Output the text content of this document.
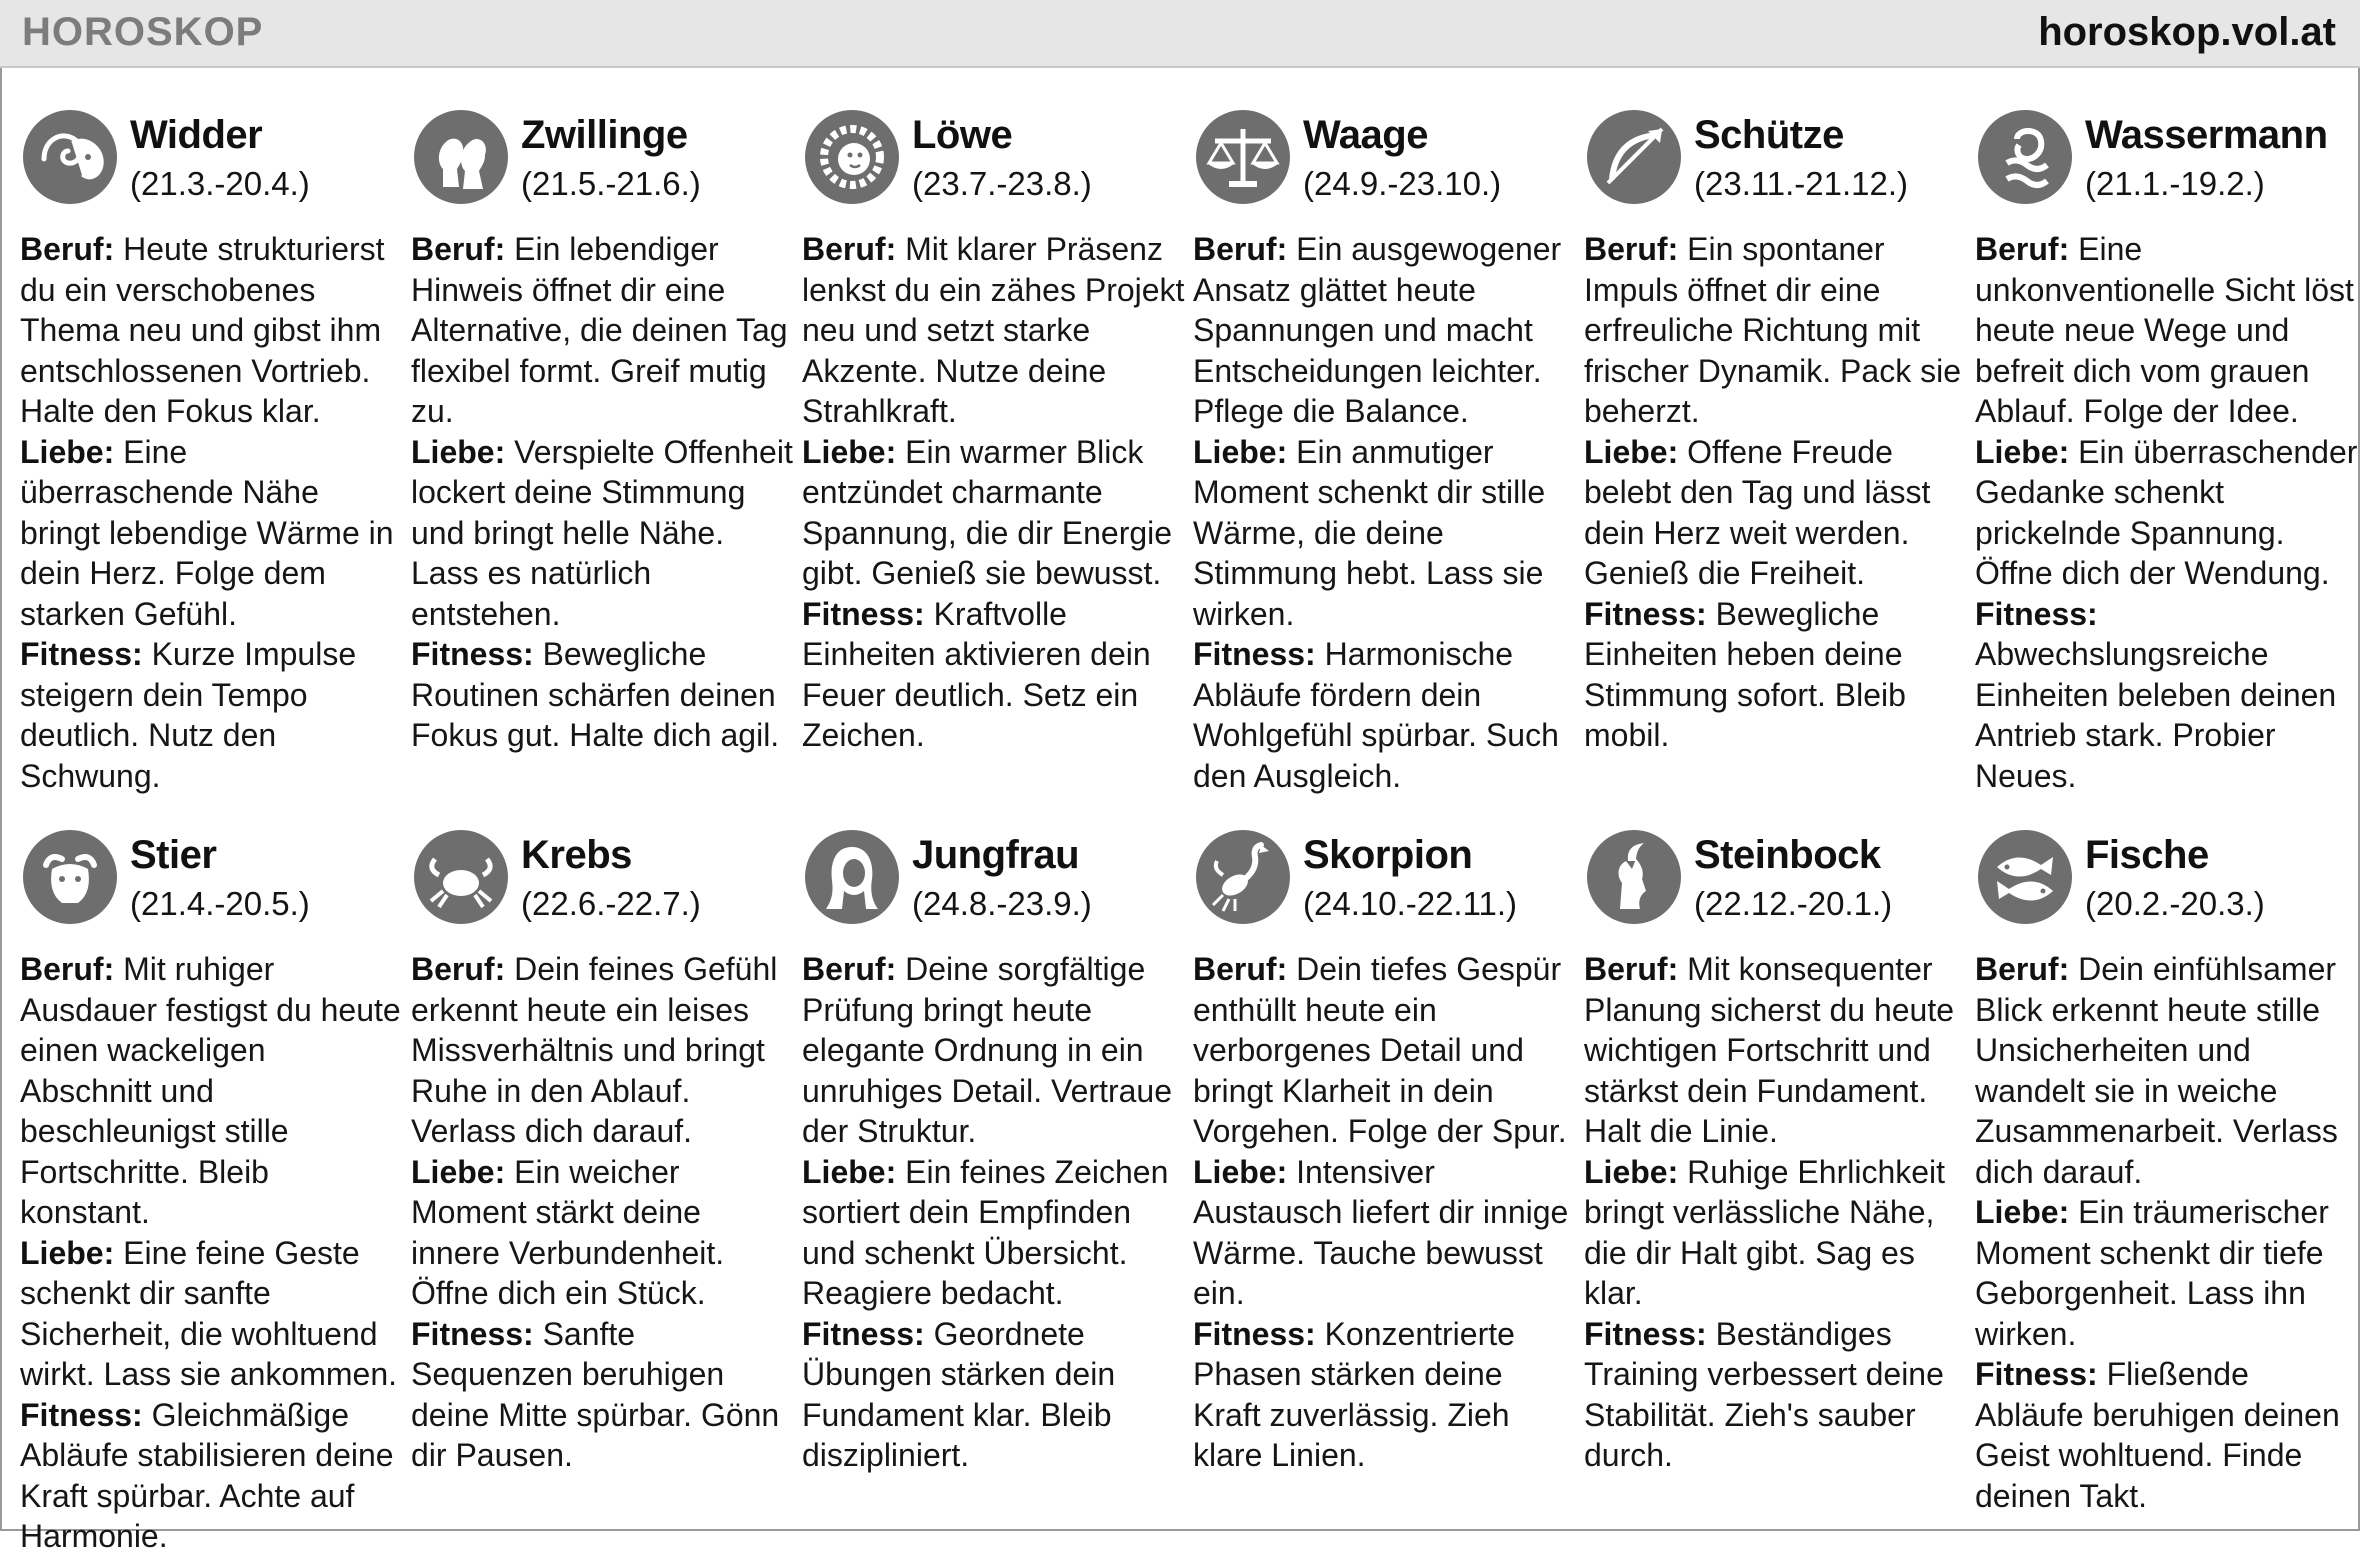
HOROSKOP	horoskop.vol.at
Widder
(21.3.-20.4.)
Beruf: Heute strukturierst du ein verschobenes Thema neu und gibst ihm entschlossenen Vortrieb. Halte den Fokus klar.
Liebe: Eine überraschende Nähe bringt lebendige Wärme in dein Herz. Folge dem starken Gefühl.
Fitness: Kurze Impulse steigern dein Tempo deutlich. Nutz den Schwung.
Zwillinge
(21.5.-21.6.)
Beruf: Ein lebendiger Hinweis öffnet dir eine Alternative, die deinen Tag flexibel formt. Greif mutig zu.
Liebe: Verspielte Offenheit lockert deine Stimmung und bringt helle Nähe. Lass es natürlich entstehen.
Fitness: Bewegliche Routinen schärfen deinen Fokus gut. Halte dich agil.
Löwe
(23.7.-23.8.)
Beruf: Mit klarer Präsenz lenkst du ein zähes Projekt neu und setzt starke Akzente. Nutze deine Strahlkraft.
Liebe: Ein warmer Blick entzündet charmante Spannung, die dir Energie gibt. Genieß sie bewusst.
Fitness: Kraftvolle Einheiten aktivieren dein Feuer deutlich. Setz ein Zeichen.
Waage
(24.9.-23.10.)
Beruf: Ein ausgewogener Ansatz glättet heute Spannungen und macht Entscheidungen leichter. Pflege die Balance.
Liebe: Ein anmutiger Moment schenkt dir stille Wärme, die deine Stimmung hebt. Lass sie wirken.
Fitness: Harmonische Abläufe fördern dein Wohlgefühl spürbar. Such den Ausgleich.
Schütze
(23.11.-21.12.)
Beruf: Ein spontaner Impuls öffnet dir eine erfreuliche Richtung mit frischer Dynamik. Pack sie beherzt.
Liebe: Offene Freude belebt den Tag und lässt dein Herz weit werden. Genieß die Freiheit.
Fitness: Bewegliche Einheiten heben deine Stimmung sofort. Bleib mobil.
Wassermann
(21.1.-19.2.)
Beruf: Eine unkonventionelle Sicht löst heute neue Wege und befreit dich vom grauen Ablauf. Folge der Idee.
Liebe: Ein überraschender Gedanke schenkt prickelnde Spannung. Öffne dich der Wendung.
Fitness: Abwechslungsreiche Einheiten beleben deinen Antrieb stark. Probier Neues.
Stier
(21.4.-20.5.)
Beruf: Mit ruhiger Ausdauer festigst du heute einen wackeligen Abschnitt und beschleunigst stille Fortschritte. Bleib konstant.
Liebe: Eine feine Geste schenkt dir sanfte Sicherheit, die wohltuend wirkt. Lass sie ankommen.
Fitness: Gleichmäßige Abläufe stabilisieren deine Kraft spürbar. Achte auf Harmonie.
Krebs
(22.6.-22.7.)
Beruf: Dein feines Gefühl erkennt heute ein leises Missverhältnis und bringt Ruhe in den Ablauf. Verlass dich darauf.
Liebe: Ein weicher Moment stärkt deine innere Verbundenheit. Öffne dich ein Stück.
Fitness: Sanfte Sequenzen beruhigen deine Mitte spürbar. Gönn dir Pausen.
Jungfrau
(24.8.-23.9.)
Beruf: Deine sorgfältige Prüfung bringt heute elegante Ordnung in ein unruhiges Detail. Vertraue der Struktur.
Liebe: Ein feines Zeichen sortiert dein Empfinden und schenkt Übersicht. Reagiere bedacht.
Fitness: Geordnete Übungen stärken dein Fundament klar. Bleib diszipliniert.
Skorpion
(24.10.-22.11.)
Beruf: Dein tiefes Gespür enthüllt heute ein verborgenes Detail und bringt Klarheit in dein Vorgehen. Folge der Spur.
Liebe: Intensiver Austausch liefert dir innige Wärme. Tauche bewusst ein.
Fitness: Konzentrierte Phasen stärken deine Kraft zuverlässig. Zieh klare Linien.
Steinbock
(22.12.-20.1.)
Beruf: Mit konsequenter Planung sicherst du heute wichtigen Fortschritt und stärkst dein Fundament. Halt die Linie.
Liebe: Ruhige Ehrlichkeit bringt verlässliche Nähe, die dir Halt gibt. Sag es klar.
Fitness: Beständiges Training verbessert deine Stabilität. Zieh's sauber durch.
Fische
(20.2.-20.3.)
Beruf: Dein einfühlsamer Blick erkennt heute stille Unsicherheiten und wandelt sie in weiche Zusammenarbeit. Verlass dich darauf.
Liebe: Ein träumerischer Moment schenkt dir tiefe Geborgenheit. Lass ihn wirken.
Fitness: Fließende Abläufe beruhigen deinen Geist wohltuend. Finde deinen Takt.
